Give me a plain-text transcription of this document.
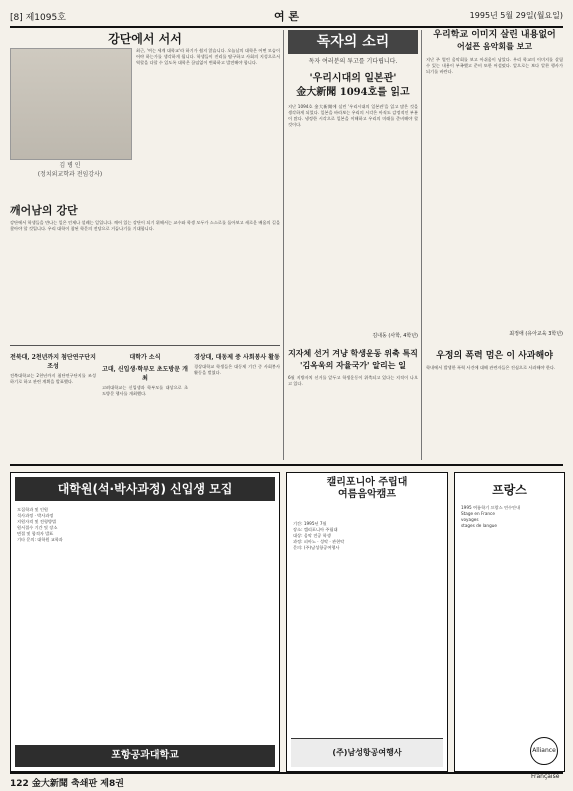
[8] 제1095호	여 론	1995년 5월 29일(월요일)
강단에서 서서
김 병 인
(정치외교학과 전임강사)
최근, '여는 세계 대학교'라 하기가 쉽지 않습니다. 오늘날의 대학은 어떤 모습이어야 하는가를 생각하게 됩니다. 학생들이 진리를 탐구하고 사회의 지성으로서 역할을 다할 수 있도록 대학은 끊임없이 변화하고 발전해야 합니다.
깨어남의 강단
강단에서 학생들을 만나는 일은 언제나 설레는 일입니다. 깨어 있는 강단이 되기 위해서는 교수와 학생 모두가 스스로를 돌아보고 새로운 배움의 길을 찾아야 할 것입니다. 우리 대학이 참된 학문의 전당으로 거듭나기를 기대합니다.
전북대, 2천년까지 첨단연구단지 조성
전북대학교는 2천년까지 첨단연구단지를 조성하기로 하고 관련 계획을 발표했다.
대학가 소식
고대, 신입생·학부모 초도방문 개최
고려대학교는 신입생과 학부모를 대상으로 초도방문 행사를 개최했다.
경상대, 대동제 중 사회봉사 활동
경상대학교 학생들은 대동제 기간 중 사회봉사 활동을 벌였다.
독자의 소리
독자 여러분의 투고를 기다립니다.
'우리시대의 일본관'
金大新聞 1094호를 읽고
지난 1094호 金大新聞에 실린 '우리시대의 일본관'을 읽고 많은 것을 생각하게 되었다. 일본을 바라보는 우리의 시각은 아직도 감정적인 부분이 많다. 냉정한 시각으로 일본을 이해하고 우리의 미래를 준비해야 할 것이다.
김내동 (사학, 4학년)
지자체 선거 겨냥 학생운동 위축 특직
'김옥욱의 자율국가' 알리는 일
6월 지방자치 선거를 앞두고 학생운동이 위축되고 있다는 지적이 나오고 있다.
우리학교 이미지 살린 내용없어
어설픈 음악회를 보고
지난 주 열린 음악회를 보고 아쉬움이 남았다. 우리 학교의 이미지를 살릴 수 있는 내용이 부족했고 준비 또한 어설펐다. 앞으로는 보다 알찬 행사가 되기를 바란다.
최정애 (유아교육 3학년)
우정의 폭력 멈은 이 사과해야
학내에서 발생한 폭력 사건에 대해 관련자들은 진심으로 사과해야 한다.
대학원(석·박사과정) 신입생 모집
모집학과 및 인원
석사과정 · 박사과정
지원자격 및 전형방법
원서접수 기간 및 장소
면접 및 합격자 발표
기타 문의: 대학원 교학과
포항공과대학교
캘리포니아 주립대
여름음악캠프
기간: 1995년 7월
장소: 캘리포니아 주립대
대상: 음악 전공 학생
과정: 피아노 · 성악 · 관현악
문의: (주)남성항공여행사
(주)남성항공여행사
프랑스
1995 여름학기 프랑스 연수안내
Stage en France
voyages
stages de langue
Alliance Française
122 金大新聞 축쇄판 제8권
